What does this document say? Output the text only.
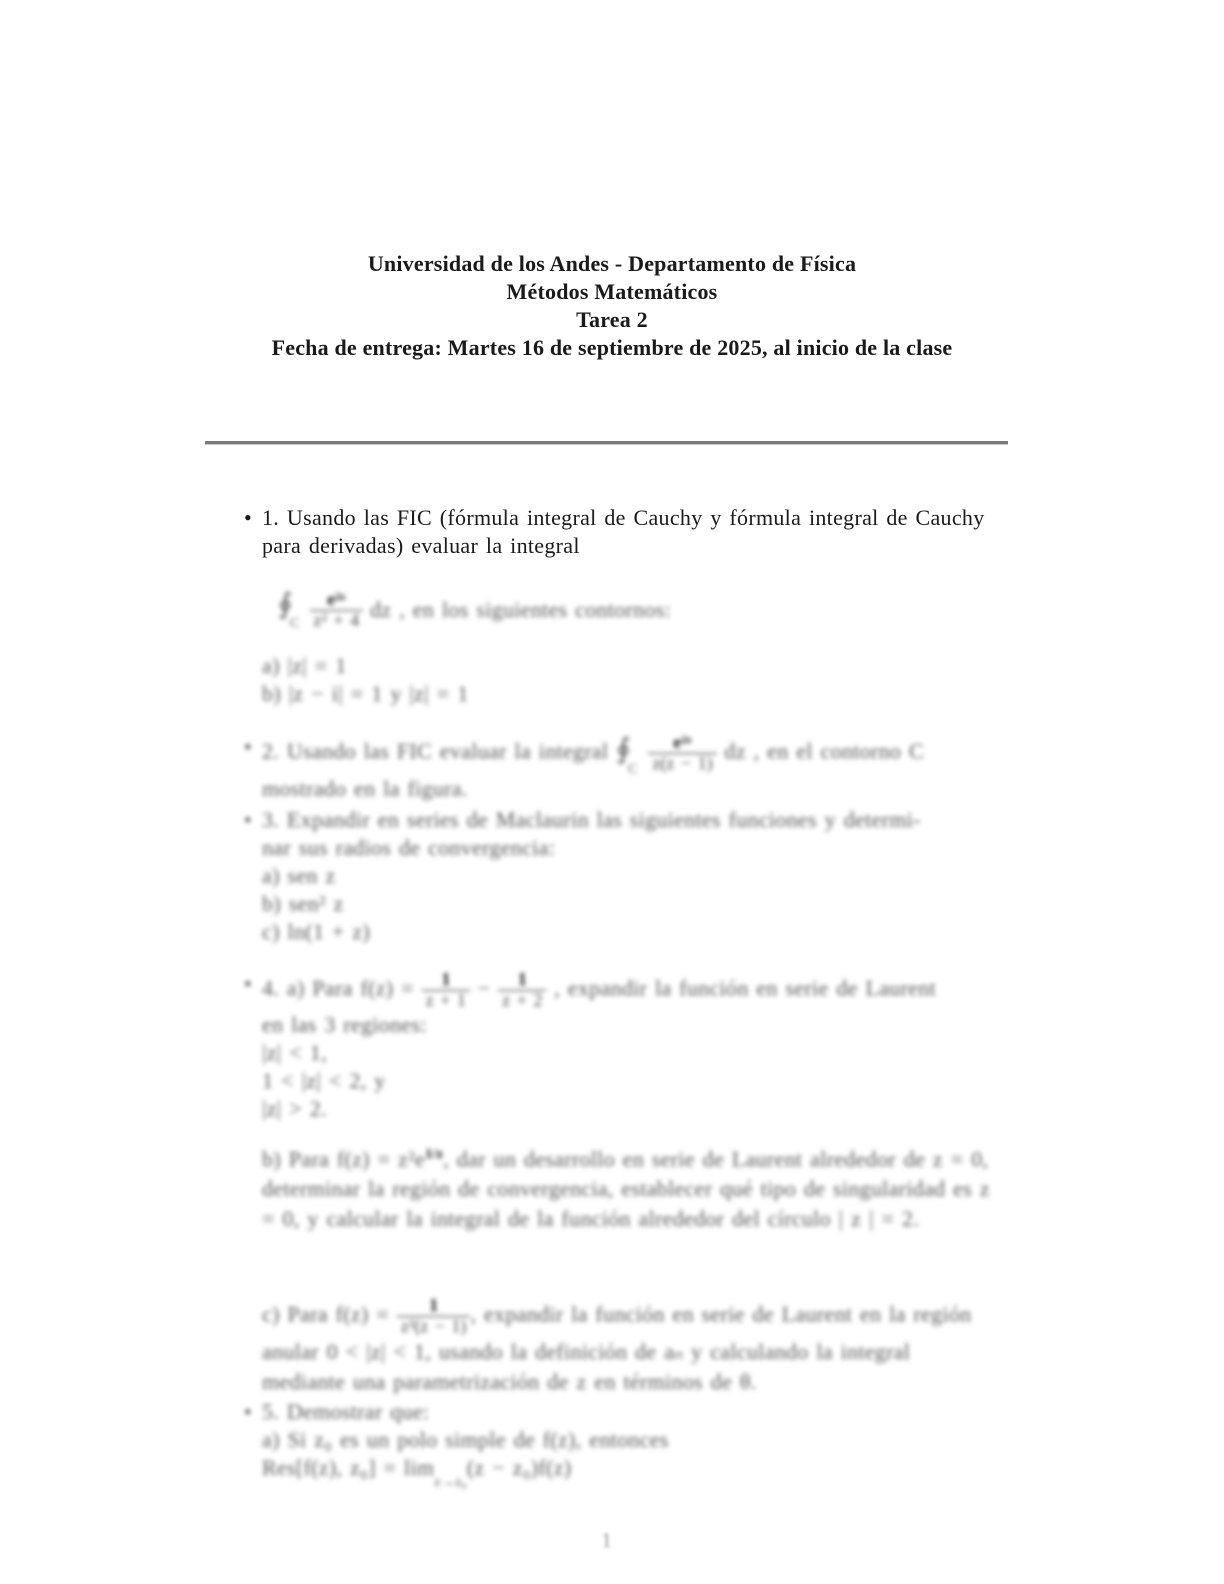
Universidad de los Andes - Departamento de Física
Métodos Matemáticos
Tarea 2
Fecha de entrega: Martes 16 de septiembre de 2025, al inicio de la clase
• 1. Usando las FIC (fórmula integral de Cauchy y fórmula integral de Cauchy para derivadas) evaluar la integral
$∮_C \frac{\text{e²ᶻ}}{\text{z² + 4}}$ dz , en los siguientes contornos:
a) |z| = 1
b) |z − i| = 1 y |z| = 1
• 2. Usando las FIC evaluar la integral $∮_C \frac{\text{e²ᶻ}}{z(z - 1)}$ dz , en el contorno C mostrado en la figura.
• 3. Expandir en series de Maclaurin las siguientes funciones y determi-
nar sus radios de convergencia:
a) sen z
b) sen² z
c) ln(1 + z)
• 4. a) Para $f(z) = \frac{1}{z + 1} - \frac{1}{z + 2}$ , expandir la función en serie de Laurent
en las 3 regiones:
|z| < 1,
1 < |z| < 2, y
|z| > 2.
b) Para $f(z) = z^2e^{1/z}$, dar un desarrollo en serie de Laurent alrededor de z = 0, determinar la región de convergencia, establecer qué tipo de singularidad es z = 0, y calcular la integral de la función alrededor del círculo | z | = 2.
c) Para $f(z) = \frac{1}{\text{z²(z − 1)}}$ , expandir la función en serie de Laurent en la región anular 0 < |z| < 1, usando la definición de aₙ y calculando la integral mediante una parametrización de z en términos de θ.
• 5. Demostrar que:
a) Si z₀ es un polo simple de f(z), entonces
Res[f(z), $z_0] = \lim_{z\to z_0}(z - z_0)f(z)$
1
